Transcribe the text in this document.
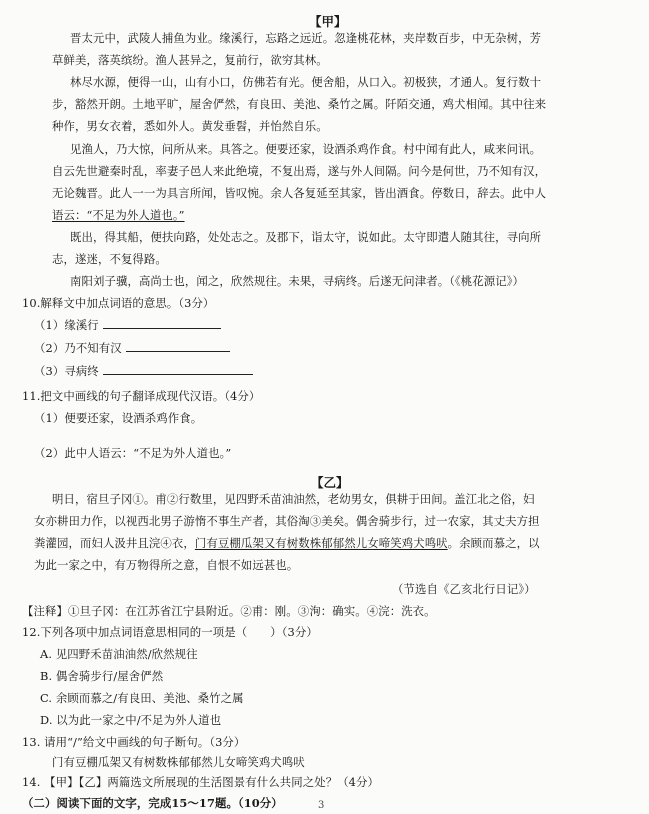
【甲】
晋太元中，武陵人捕鱼为业。缘溪行，忘路之远近。忽逢桃花林，夹岸数百步，中无杂树，芳
草鲜美，落英缤纷。渔人甚异之，复前行，欲穷其林。
林尽水源，便得一山，山有小口，仿佛若有光。便舍船，从口入。初极狭，才通人。复行数十
步，豁然开朗。土地平旷，屋舍俨然，有良田、美池、桑竹之属。阡陌交通，鸡犬相闻。其中往来
种作，男女衣着，悉如外人。黄发垂髫，并怡然自乐。
见渔人，乃大惊，问所从来。具答之。便要还家，设酒杀鸡作食。村中闻有此人，咸来问讯。
自云先世避秦时乱，率妻子邑人来此绝境，不复出焉，遂与外人间隔。问今是何世，乃不知有汉，
无论魏晋。此人一一为具言所闻，皆叹惋。余人各复延至其家，皆出酒食。停数日，辞去。此中人
语云：“不足为外人道也。”
既出，得其船，便扶向路，处处志之。及郡下，诣太守，说如此。太守即遣人随其往，寻向所
志，遂迷，不复得路。
南阳刘子骥，高尚士也，闻之，欣然规往。未果，寻病终。后遂无问津者。（《桃花源记》）
10.解释文中加点词语的意思。（3分）
（1）缘溪行
（2）乃不知有汉
（3）寻病终
11.把文中画线的句子翻译成现代汉语。（4分）
（1）便要还家，设酒杀鸡作食。
（2）此中人语云：“不足为外人道也。”
【乙】
明日，宿旦子冈①。甫②行数里，见四野禾苗油油然，老幼男女，俱耕于田间。盖江北之俗，妇
女亦耕田力作，以视西北男子游惰不事生产者，其俗淘③美矣。偶舍骑步行，过一农家，其丈夫方担
粪灌园，而妇人汲井且浣④衣，门有豆棚瓜架又有树数株郁郁然儿女啼笑鸡犬鸣吠。余顾而慕之，以
为此一家之中，有万物得所之意，自恨不如远甚也。
（节选自《乙亥北行日记》）
【注释】①旦子冈：在江苏省江宁县附近。②甫：刚。③洵：确实。④浣：洗衣。
12.下列各项中加点词语意思相同的一项是（　　）（3分）
A. 见四野禾苗油油然/欣然规往
B. 偶舍骑步行/屋舍俨然
C. 余顾而慕之/有良田、美池、桑竹之属
D. 以为此一家之中/不足为外人道也
13. 请用“/”给文中画线的句子断句。（3分）
门有豆棚瓜架又有树数株郁郁然儿女啼笑鸡犬鸣吠
14. 【甲】【乙】两篇选文所展现的生活图景有什么共同之处？（4分）
（二）阅读下面的文字，完成15～17题。（10分）	3
